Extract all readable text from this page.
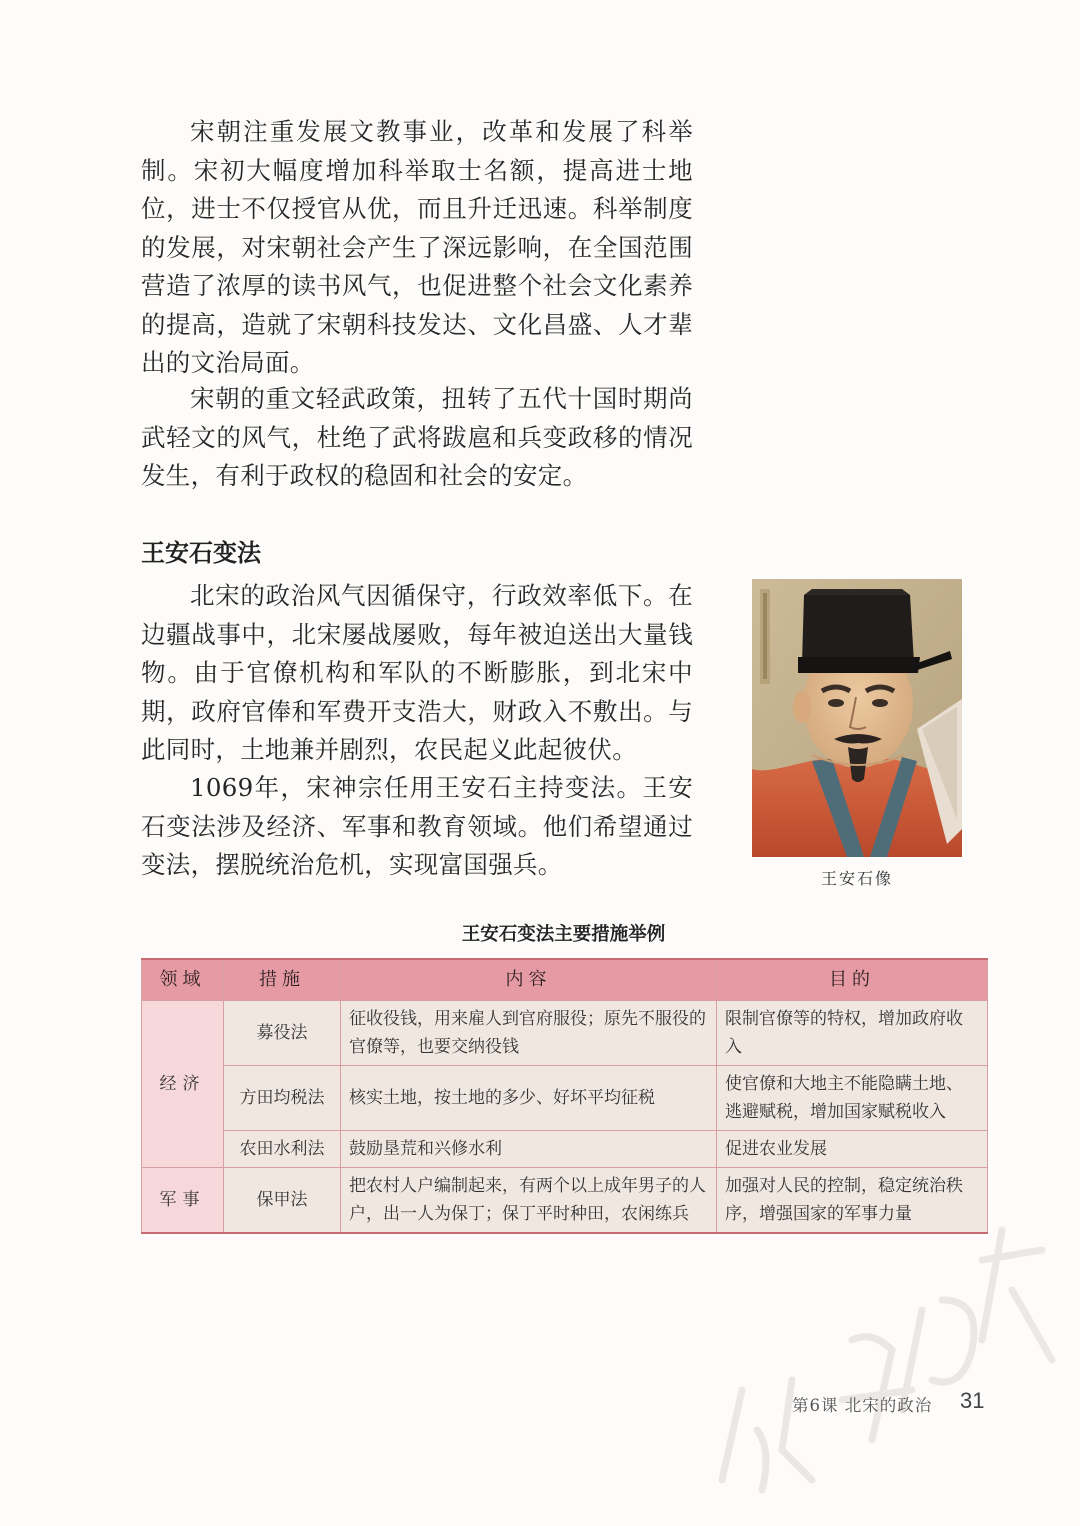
宋朝注重发展文教事业，改革和发展了科举制。宋初大幅度增加科举取士名额，提高进士地位，进士不仅授官从优，而且升迁迅速。科举制度的发展，对宋朝社会产生了深远影响，在全国范围营造了浓厚的读书风气，也促进整个社会文化素养的提高，造就了宋朝科技发达、文化昌盛、人才辈出的文治局面。

宋朝的重文轻武政策，扭转了五代十国时期尚武轻文的风气，杜绝了武将跋扈和兵变政移的情况发生，有利于政权的稳固和社会的安定。

王安石变法

北宋的政治风气因循保守，行政效率低下。在边疆战事中，北宋屡战屡败，每年被迫送出大量钱物。由于官僚机构和军队的不断膨胀，到北宋中期，政府官俸和军费开支浩大，财政入不敷出。与此同时，土地兼并剧烈，农民起义此起彼伏。

1069年，宋神宗任用王安石主持变法。王安石变法涉及经济、军事和教育领域。他们希望通过变法，摆脱统治危机，实现富国强兵。	王安石像
王安石变法主要措施举例
领域	措施	内容	目的
经济	募役法	征收役钱，用来雇人到官府服役；原先不服役的官僚等，也要交纳役钱	限制官僚等的特权，增加政府收入
	方田均税法	核实土地，按土地的多少、好坏平均征税	使官僚和大地主不能隐瞒土地、逃避赋税，增加国家赋税收入
	农田水利法	鼓励垦荒和兴修水利	促进农业发展
军事	保甲法	把农村人户编制起来，有两个以上成年男子的人户，出一人为保丁；保丁平时种田，农闲练兵	加强对人民的控制，稳定统治秩序，增强国家的军事力量
第6课 北宋的政治 31
